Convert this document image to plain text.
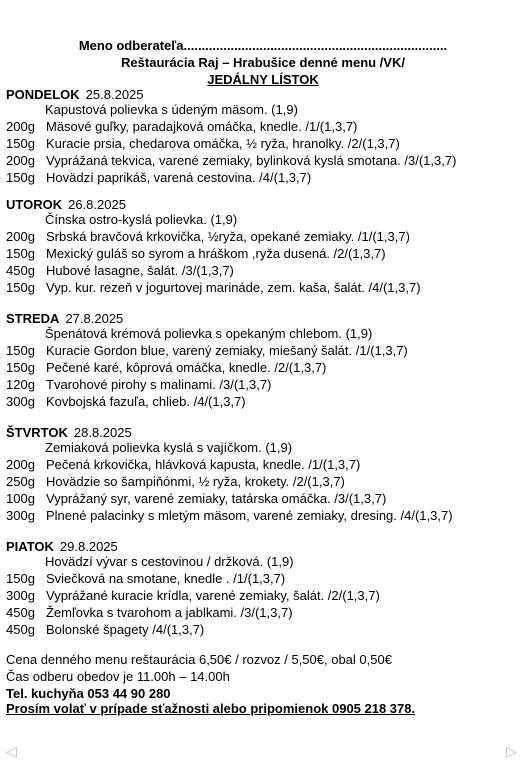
Meno odberateľa.........................................................................
Reštaurácia Raj – Hrabušice denné menu /VK/
JEDÁLNY LÍSTOK
PONDELOK 25.8.2025
Kapustová polievka s údeným mäsom. (1,9)
200g Mäsové guľky, paradajková omáčka, knedle. /1/(1,3,7)
150g Kuracie prsia, chedarova omáčka, ½ ryža, hranolky. /2/(1,3,7)
200g Vyprážaná tekvica, varené zemiaky, bylinková kyslá smotana. /3/(1,3,7)
150g Hovädzí paprikáš, varená cestovina. /4/(1,3,7)
UTOROK 26.8.2025
Čínska ostro-kyslá polievka. (1,9)
200g Srbská bravčová krkovička, ½ryža, opekané zemiaky. /1/(1,3,7)
150g Mexický guláš so syrom a hráškom ,ryža dusená. /2/(1,3,7)
450g Hubové lasagne, šalát. /3/(1,3,7)
150g Vyp. kur. rezeň v jogurtovej marináde, zem. kaša, šalát. /4/(1,3,7)
STREDA 27.8.2025
Špenátová krémová polievka s opekaným chlebom. (1,9)
150g Kuracie Gordon blue, varený zemiaky, miešaný šalát. /1/(1,3,7)
150g Pečené karé, kôprová omáčka, knedle. /2/(1,3,7)
120g Tvarohové pirohy s malinami. /3/(1,3,7)
300g Kovbojská fazuľa, chlieb. /4/(1,3,7)
ŠTVRTOK 28.8.2025
Zemiaková polievka kyslá s vajíčkom. (1,9)
200g Pečená krkovička, hlávková kapusta, knedle. /1/(1,3,7)
250g Hovädzie so šampiňónmi, ½ ryža, krokety. /2/(1,3,7)
100g Vyprážaný syr, varené zemiaky, tatárska omáčka. /3/(1,3,7)
300g Plnené palacinky s mletým mäsom, varené zemiaky, dresing. /4/(1,3,7)
PIATOK 29.8.2025
Hovädzí vývar s cestovinou / držková. (1,9)
150g Sviečková na smotane, knedle . /1/(1,3,7)
300g Vyprážané kuracie krídla, varené zemiaky, šalát. /2/(1,3,7)
450g Žemľovka s tvarohom a jablkami. /3/(1,3,7)
450g Bolonské špagety /4/(1,3,7)
Cena denného menu reštaurácia 6,50€ / rozvoz / 5,50€, obal 0,50€
Čas odberu obedov je 11.00h – 14.00h
Tel. kuchyňa 053 44 90 280
Prosím volať v prípade sťažnosti alebo pripomienok 0905 218 378.
◁	▷
